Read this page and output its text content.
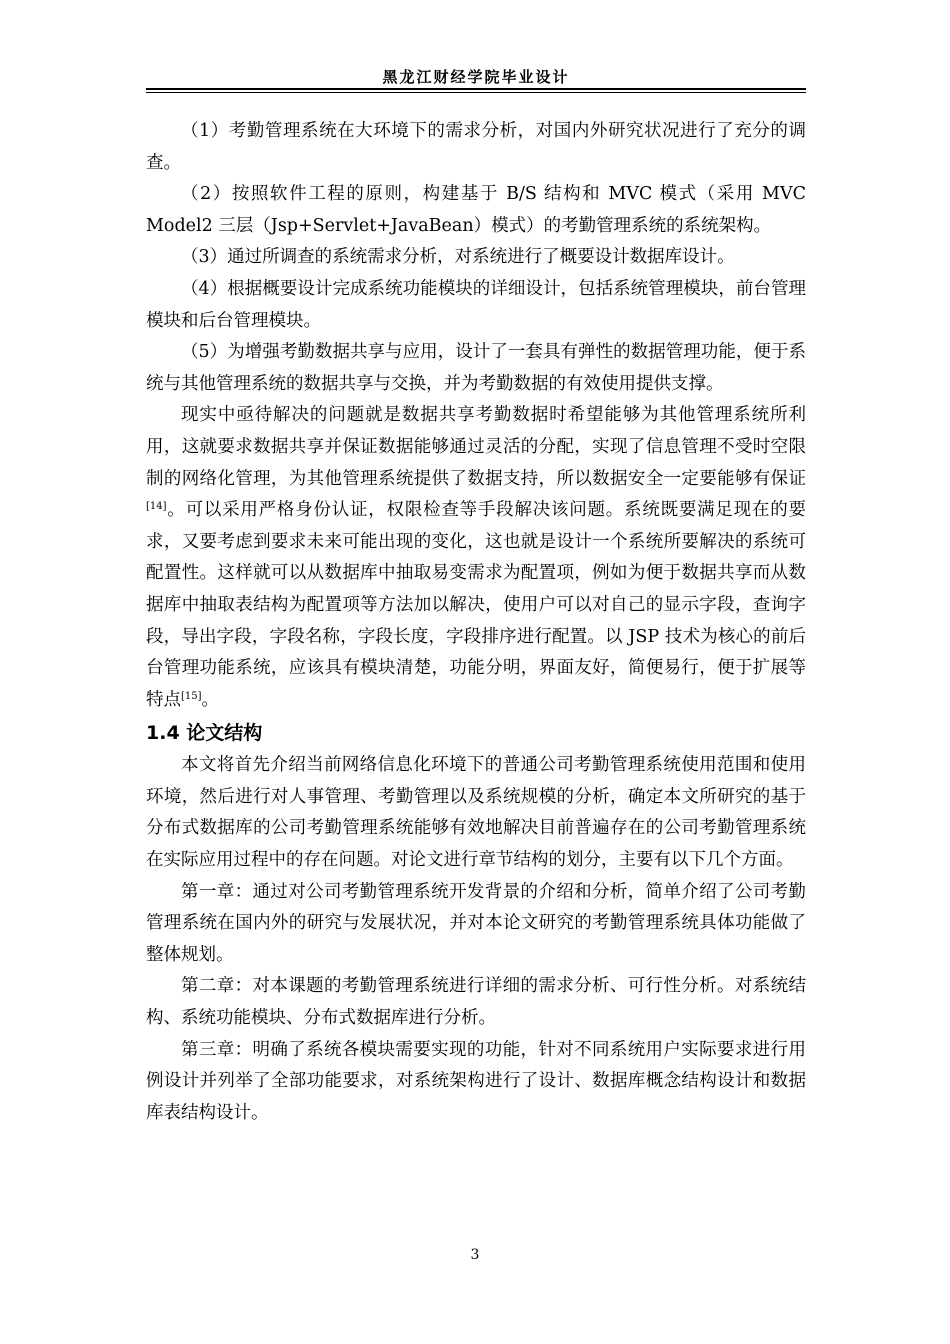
黑龙江财经学院毕业设计

（1）考勤管理系统在大环境下的需求分析，对国内外研究状况进行了充分的调查。

（2）按照软件工程的原则，构建基于 B/S 结构和 MVC 模式（采用 MVC Model2 三层（Jsp+Servlet+JavaBean）模式）的考勤管理系统的系统架构。

（3）通过所调查的系统需求分析，对系统进行了概要设计数据库设计。

（4）根据概要设计完成系统功能模块的详细设计，包括系统管理模块，前台管理模块和后台管理模块。

（5）为增强考勤数据共享与应用，设计了一套具有弹性的数据管理功能，便于系统与其他管理系统的数据共享与交换，并为考勤数据的有效使用提供支撑。

现实中亟待解决的问题就是数据共享考勤数据时希望能够为其他管理系统所利用，这就要求数据共享并保证数据能够通过灵活的分配，实现了信息管理不受时空限制的网络化管理，为其他管理系统提供了数据支持，所以数据安全一定要能够有保证[14]。可以采用严格身份认证，权限检查等手段解决该问题。系统既要满足现在的要求，又要考虑到要求未来可能出现的变化，这也就是设计一个系统所要解决的系统可配置性。这样就可以从数据库中抽取易变需求为配置项，例如为便于数据共享而从数据库中抽取表结构为配置项等方法加以解决，使用户可以对自己的显示字段，查询字段，导出字段，字段名称，字段长度，字段排序进行配置。以 JSP 技术为核心的前后台管理功能系统，应该具有模块清楚，功能分明，界面友好，简便易行，便于扩展等特点[15]。

1.4 论文结构

本文将首先介绍当前网络信息化环境下的普通公司考勤管理系统使用范围和使用环境，然后进行对人事管理、考勤管理以及系统规模的分析，确定本文所研究的基于分布式数据库的公司考勤管理系统能够有效地解决目前普遍存在的公司考勤管理系统在实际应用过程中的存在问题。对论文进行章节结构的划分，主要有以下几个方面。

第一章：通过对公司考勤管理系统开发背景的介绍和分析，简单介绍了公司考勤管理系统在国内外的研究与发展状况，并对本论文研究的考勤管理系统具体功能做了整体规划。

第二章：对本课题的考勤管理系统进行详细的需求分析、可行性分析。对系统结构、系统功能模块、分布式数据库进行分析。

第三章：明确了系统各模块需要实现的功能，针对不同系统用户实际要求进行用例设计并列举了全部功能要求，对系统架构进行了设计、数据库概念结构设计和数据库表结构设计。

3
